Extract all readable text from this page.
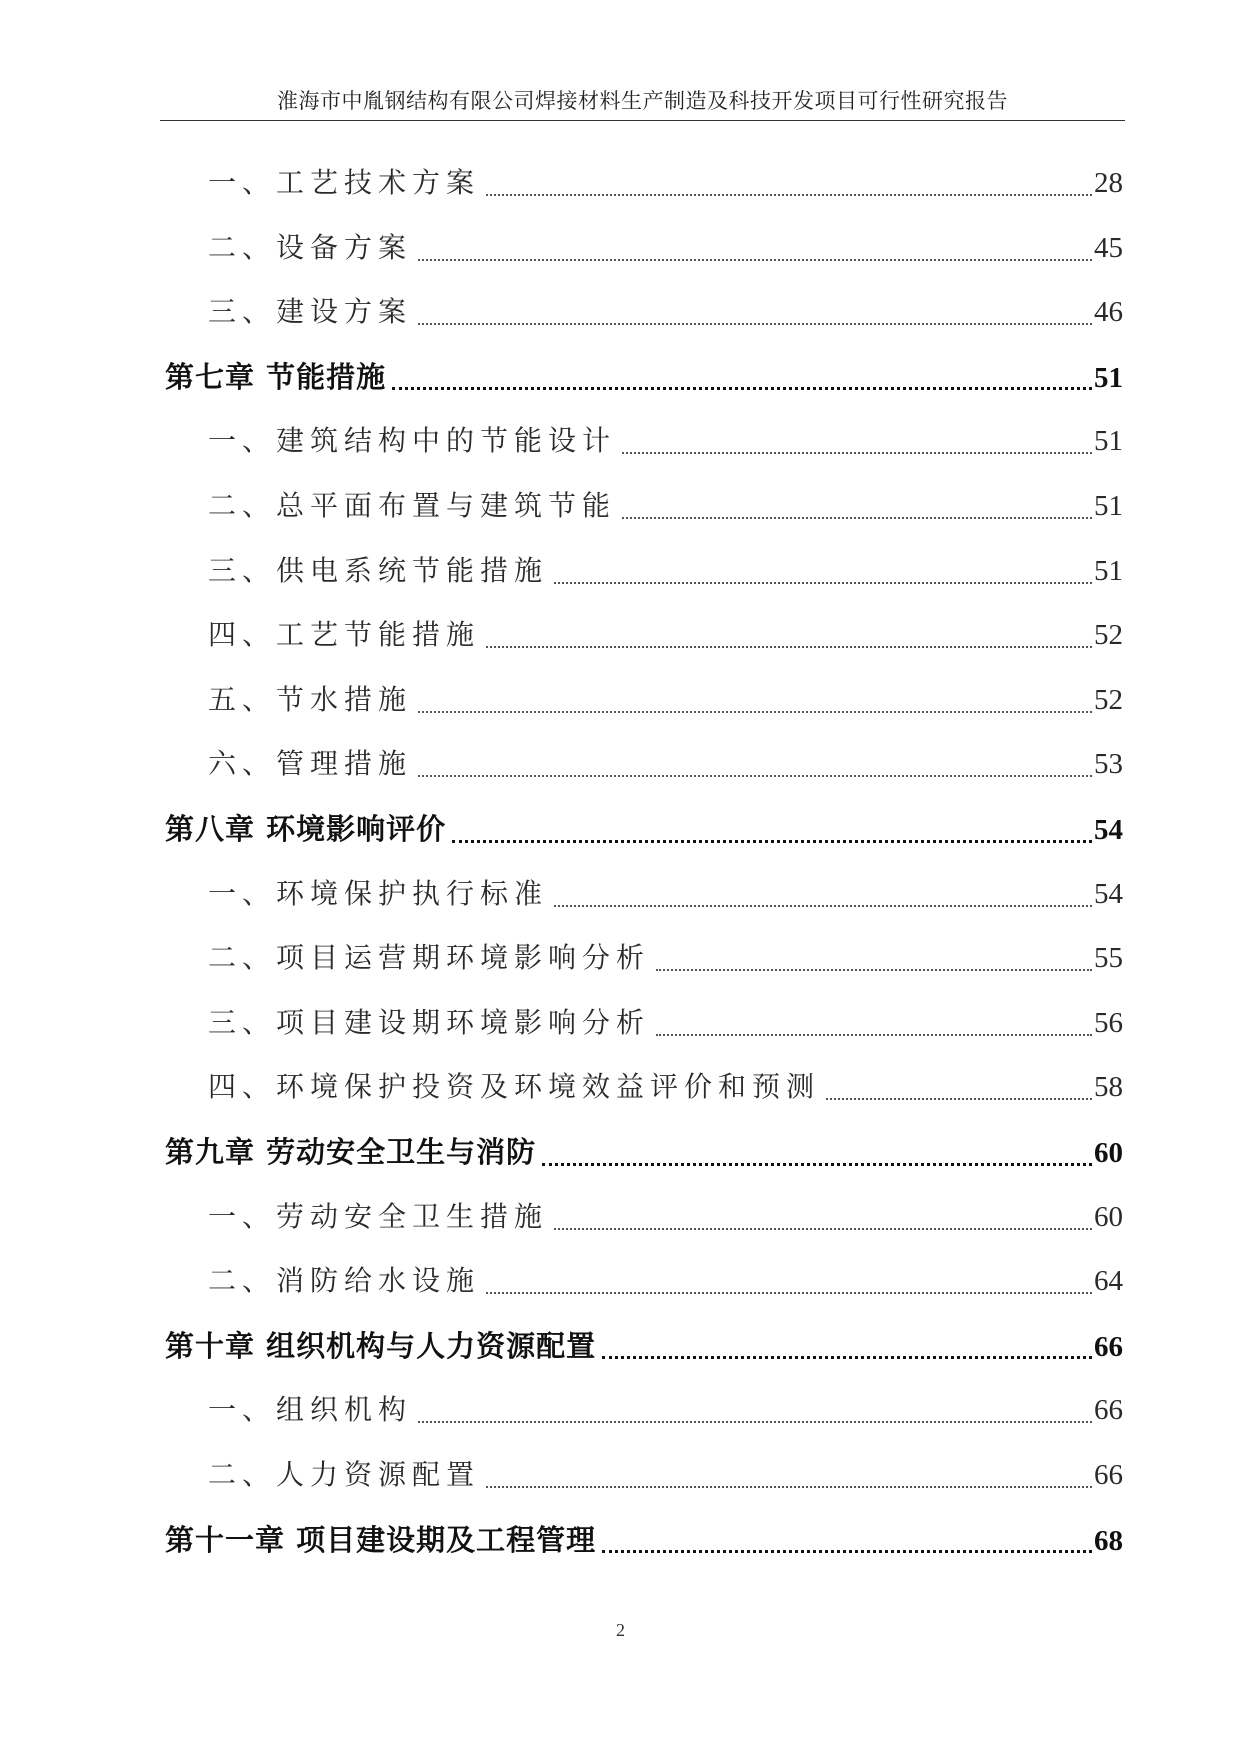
淮海市中胤钢结构有限公司焊接材料生产制造及科技开发项目可行性研究报告
一、工艺技术方案	28
二、设备方案	45
三、建设方案	46
第七章 节能措施	51
一、建筑结构中的节能设计	51
二、总平面布置与建筑节能	51
三、供电系统节能措施	51
四、工艺节能措施	52
五、节水措施	52
六、管理措施	53
第八章 环境影响评价	54
一、环境保护执行标准	54
二、项目运营期环境影响分析	55
三、项目建设期环境影响分析	56
四、环境保护投资及环境效益评价和预测	58
第九章 劳动安全卫生与消防	60
一、劳动安全卫生措施	60
二、消防给水设施	64
第十章 组织机构与人力资源配置	66
一、组织机构	66
二、人力资源配置	66
第十一章 项目建设期及工程管理	68
2
